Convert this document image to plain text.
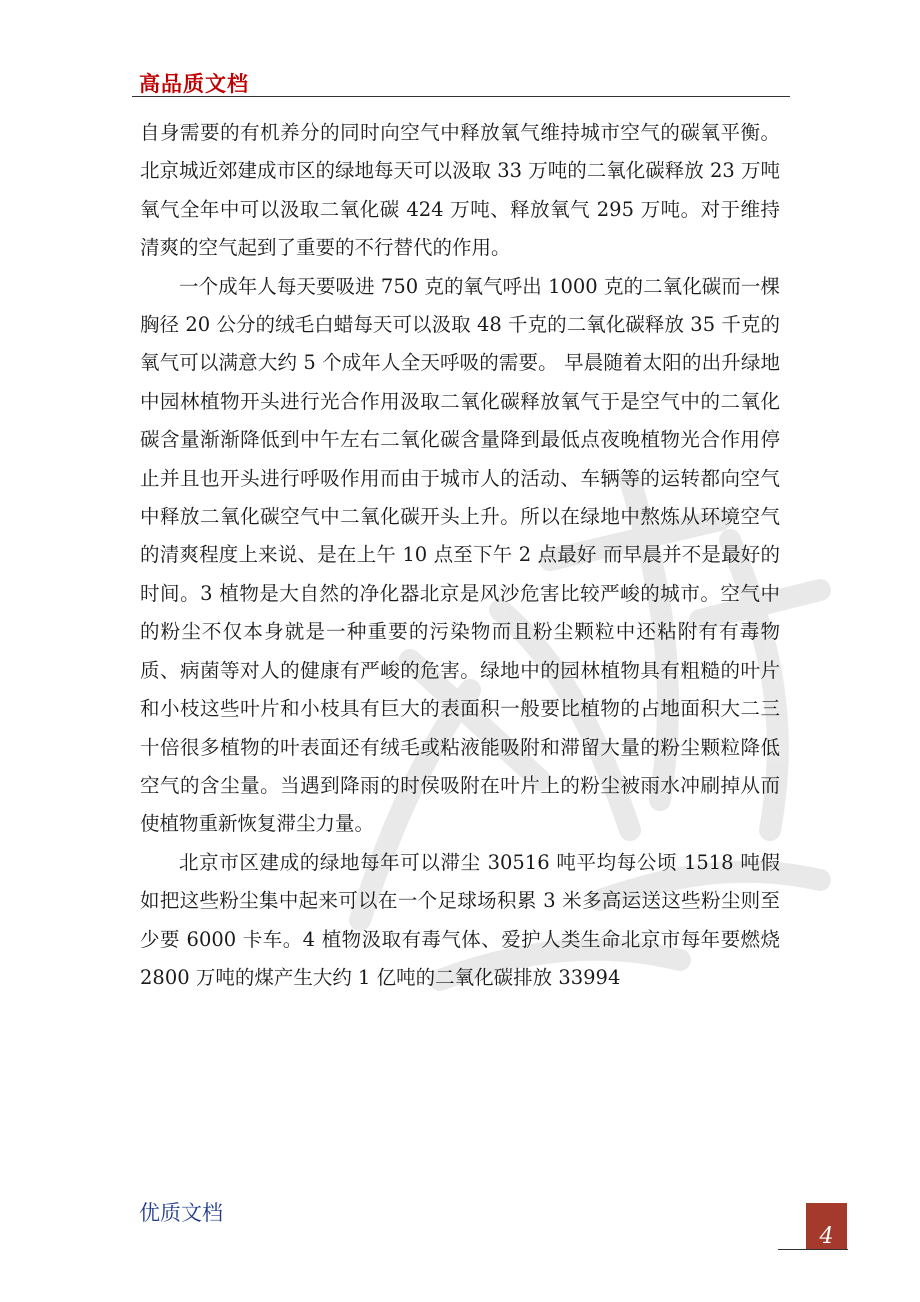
高品质文档

自身需要的有机养分的同时向空气中释放氧气维持城市空气的碳氧平衡。北京城近郊建成市区的绿地每天可以汲取 33 万吨的二氧化碳释放 23 万吨氧气全年中可以汲取二氧化碳 424 万吨、释放氧气 295 万吨。对于维持清爽的空气起到了重要的不行替代的作用。

一个成年人每天要吸进 750 克的氧气呼出 1000 克的二氧化碳而一棵胸径 20 公分的绒毛白蜡每天可以汲取 48 千克的二氧化碳释放 35 千克的氧气可以满意大约 5 个成年人全天呼吸的需要。 早晨随着太阳的出升绿地中园林植物开头进行光合作用汲取二氧化碳释放氧气于是空气中的二氧化碳含量渐渐降低到中午左右二氧化碳含量降到最低点夜晚植物光合作用停止并且也开头进行呼吸作用而由于城市人的活动、车辆等的运转都向空气中释放二氧化碳空气中二氧化碳开头上升。所以在绿地中熬炼从环境空气的清爽程度上来说、是在上午 10 点至下午 2 点最好 而早晨并不是最好的时间。3 植物是大自然的净化器北京是风沙危害比较严峻的城市。空气中的粉尘不仅本身就是一种重要的污染物而且粉尘颗粒中还粘附有有毒物质、病菌等对人的健康有严峻的危害。绿地中的园林植物具有粗糙的叶片和小枝这些叶片和小枝具有巨大的表面积一般要比植物的占地面积大二三十倍很多植物的叶表面还有绒毛或粘液能吸附和滞留大量的粉尘颗粒降低空气的含尘量。当遇到降雨的时侯吸附在叶片上的粉尘被雨水冲刷掉从而使植物重新恢复滞尘力量。

北京市区建成的绿地每年可以滞尘 30516 吨平均每公顷 1518 吨假如把这些粉尘集中起来可以在一个足球场积累 3 米多高运送这些粉尘则至少要 6000 卡车。4 植物汲取有毒气体、爱护人类生命北京市每年要燃烧 2800 万吨的煤产生大约 1 亿吨的二氧化碳排放 33994

优质文档
4
